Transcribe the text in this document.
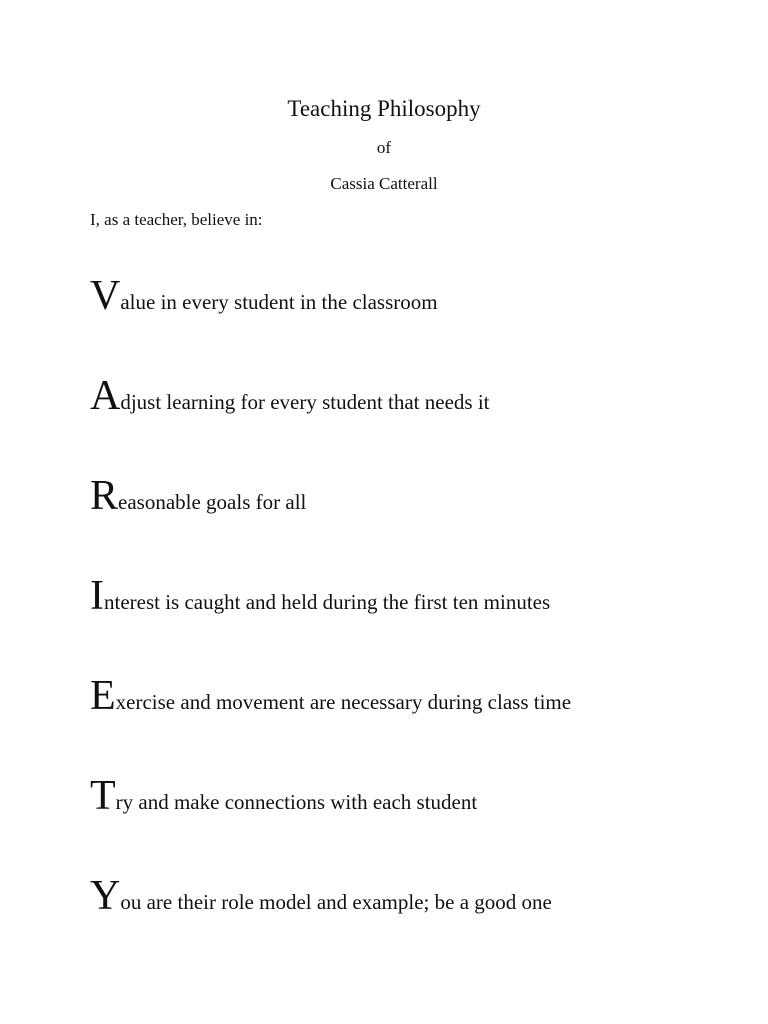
Teaching Philosophy
of
Cassia Catterall
I, as a teacher, believe in:
Value in every student in the classroom
Adjust learning for every student that needs it
Reasonable goals for all
Interest is caught and held during the first ten minutes
Exercise and movement are necessary during class time
Try and make connections with each student
You are their role model and example; be a good one
